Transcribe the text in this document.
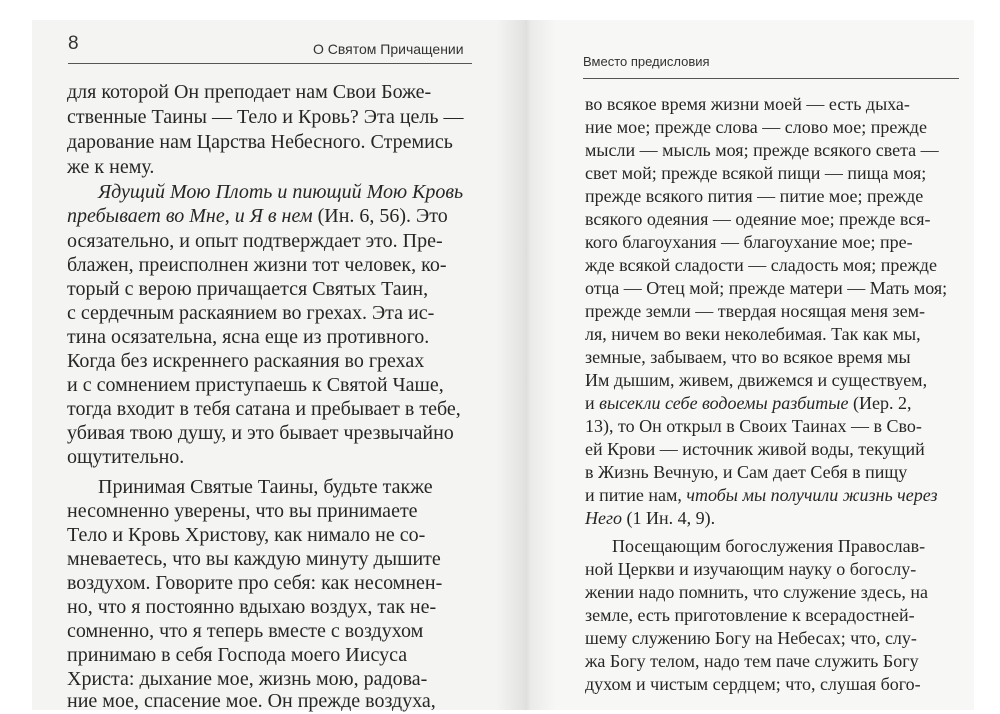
8	О Святом Причащении
Вместо предисловия
для которой Он преподает нам Свои Боже-
ственные Таины — Тело и Кровь? Эта цель —
дарование нам Царства Небесного. Стремись
же к нему.
Ядущий Мою Плоть и пиющий Мою Кровь
пребывает во Мне, и Я в нем (Ин. 6, 56). Это
осязательно, и опыт подтверждает это. Пре-
блажен, преисполнен жизни тот человек, ко-
торый с верою причащается Святых Таин,
с сердечным раскаянием во грехах. Эта ис-
тина осязательна, ясна еще из противного.
Когда без искреннего раскаяния во грехах
и с сомнением приступаешь к Святой Чаше,
тогда входит в тебя сатана и пребывает в тебе,
убивая твою душу, и это бывает чрезвычайно
ощутительно.
Принимая Святые Таины, будьте также
несомненно уверены, что вы принимаете
Тело и Кровь Христову, как нимало не со-
мневаетесь, что вы каждую минуту дышите
воздухом. Говорите про себя: как несомнен-
но, что я постоянно вдыхаю воздух, так не-
сомненно, что я теперь вместе с воздухом
принимаю в себя Господа моего Иисуса
Христа: дыхание мое, жизнь мою, радова-
ние мое, спасение мое. Он прежде воздуха,
во всякое время жизни моей — есть дыха-
ние мое; прежде слова — слово мое; прежде
мысли — мысль моя; прежде всякого света —
свет мой; прежде всякой пищи — пища моя;
прежде всякого пития — питие мое; прежде
всякого одеяния — одеяние мое; прежде вся-
кого благоухания — благоухание мое; пре-
жде всякой сладости — сладость моя; прежде
отца — Отец мой; прежде матери — Мать моя;
прежде земли — твердая носящая меня зем-
ля, ничем во веки неколебимая. Так как мы,
земные, забываем, что во всякое время мы
Им дышим, живем, движемся и существуем,
и высекли себе водоемы разбитые (Иер. 2,
13), то Он открыл в Своих Таинах — в Сво-
ей Крови — источник живой воды, текущий
в Жизнь Вечную, и Сам дает Себя в пищу
и питие нам, чтобы мы получили жизнь через
Него (1 Ин. 4, 9).
Посещающим богослужения Православ-
ной Церкви и изучающим науку о богослу-
жении надо помнить, что служение здесь, на
земле, есть приготовление к всерадостней-
шему служению Богу на Небесах; что, слу-
жа Богу телом, надо тем паче служить Богу
духом и чистым сердцем; что, слушая бого-
